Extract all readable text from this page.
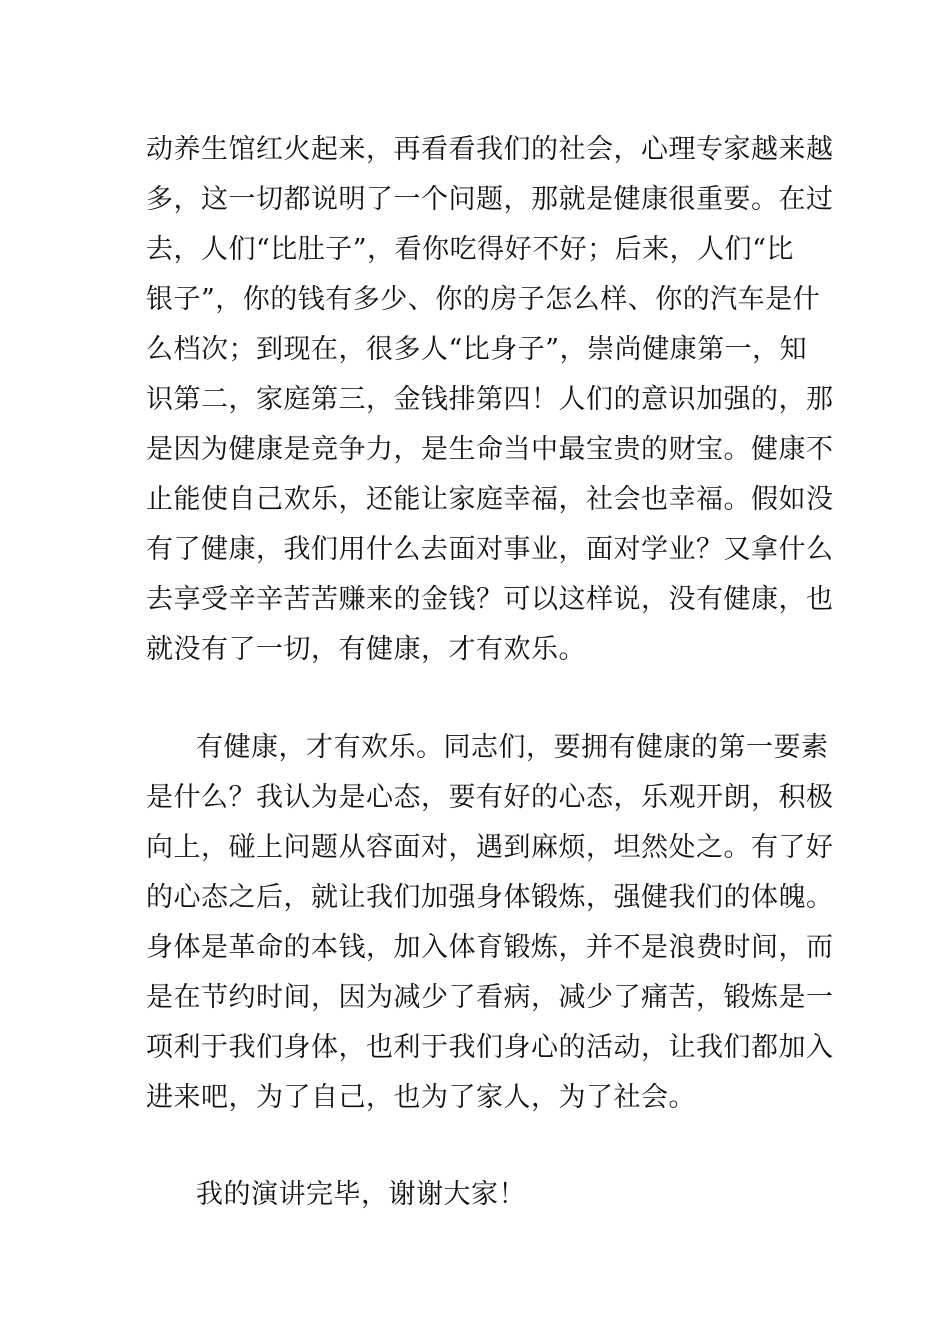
动养生馆红火起来，再看看我们的社会，心理专家越来越
多，这一切都说明了一个问题，那就是健康很重要。在过
去，人们“比肚子”，看你吃得好不好；后来，人们“比
银子”，你的钱有多少、你的房子怎么样、你的汽车是什
么档次；到现在，很多人“比身子”，崇尚健康第一，知
识第二，家庭第三，金钱排第四！人们的意识加强的，那
是因为健康是竞争力，是生命当中最宝贵的财宝。健康不
止能使自己欢乐，还能让家庭幸福，社会也幸福。假如没
有了健康，我们用什么去面对事业，面对学业？又拿什么
去享受辛辛苦苦赚来的金钱？可以这样说，没有健康，也
就没有了一切，有健康，才有欢乐。
有健康，才有欢乐。同志们，要拥有健康的第一要素
是什么？我认为是心态，要有好的心态，乐观开朗，积极
向上，碰上问题从容面对，遇到麻烦，坦然处之。有了好
的心态之后，就让我们加强身体锻炼，强健我们的体魄。
身体是革命的本钱，加入体育锻炼，并不是浪费时间，而
是在节约时间，因为减少了看病，减少了痛苦，锻炼是一
项利于我们身体，也利于我们身心的活动，让我们都加入
进来吧，为了自己，也为了家人，为了社会。
我的演讲完毕，谢谢大家！
